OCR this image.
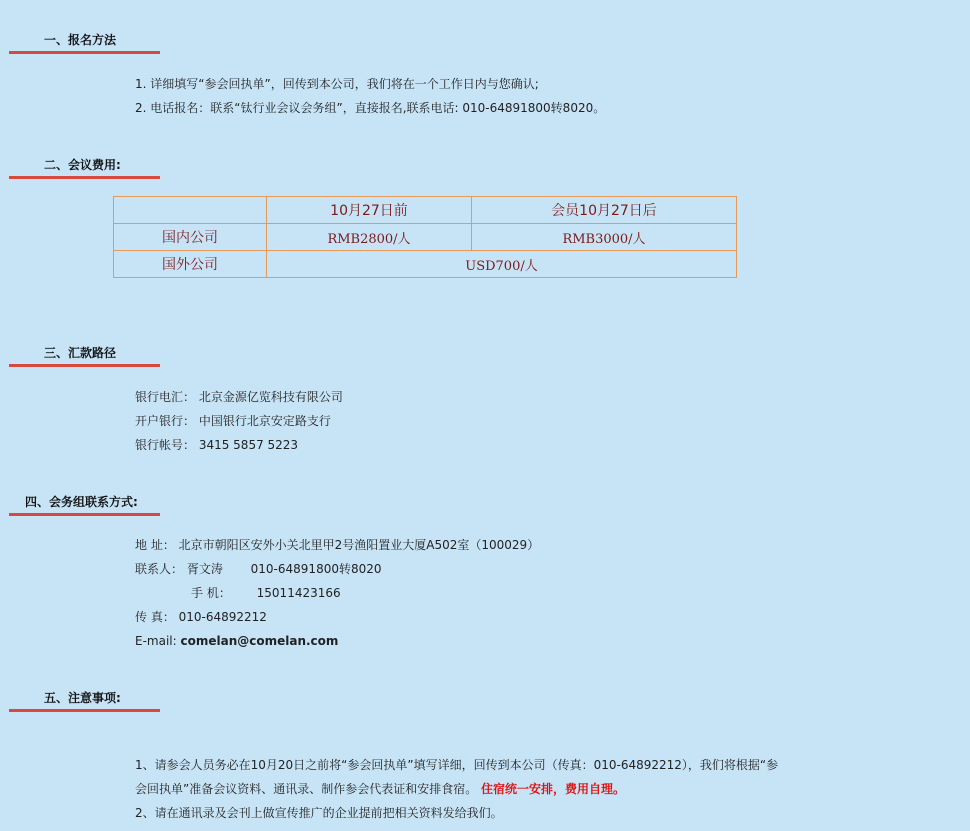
一、报名方法
1. 详细填写“参会回执单”，回传到本公司，我们将在一个工作日内与您确认;
2. 电话报名：联系“钛行业会议会务组”，直接报名,联系电话: 010-64891800转8020。
二、会议费用:
	10月27日前	会员10月27日后
国内公司	RMB2800/人	RMB3000/人
国外公司	USD700/人	
三、汇款路径
银行电汇： 北京金源亿览科技有限公司
开户银行： 中国银行北京安定路支行
银行帐号： 3415 5857 5223
四、会务组联系方式:
地 址： 北京市朝阳区安外小关北里甲2号渔阳置业大厦A502室（100029）
联系人： 胥文涛 010-64891800转8020
手 机： 15011423166
传 真： 010-64892212
E-mail: comelan@comelan.com
五、注意事项:
1、请参会人员务必在10月20日之前将“参会回执单”填写详细，回传到本公司（传真：010-64892212），我们将根据“参
会回执单”准备会议资料、通讯录、制作参会代表证和安排食宿。 住宿统一安排，费用自理。
2、请在通讯录及会刊上做宣传推广的企业提前把相关资料发给我们。
